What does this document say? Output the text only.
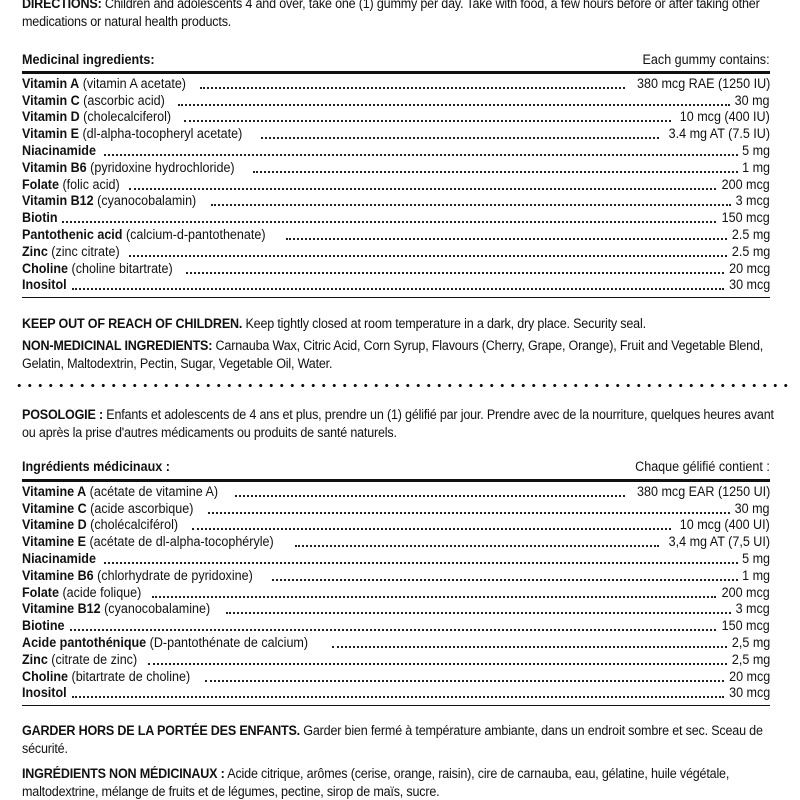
DIRECTIONS: Children and adolescents 4 and over, take one (1) gummy per day. Take with food, a few hours before or after taking other medications or natural health products.
Medicinal ingredients:	Each gummy contains:
Vitamin A (vitamin A acetate)	380 mcg RAE (1250 IU)
Vitamin C (ascorbic acid)	30 mg
Vitamin D (cholecalciferol)	10 mcg (400 IU)
Vitamin E (dl-alpha-tocopheryl acetate)	3.4 mg AT (7.5 IU)
Niacinamide	5 mg
Vitamin B6 (pyridoxine hydrochloride)	1 mg
Folate (folic acid)	200 mcg
Vitamin B12 (cyanocobalamin)	3 mcg
Biotin	150 mcg
Pantothenic acid (calcium-d-pantothenate)	2.5 mg
Zinc (zinc citrate)	2.5 mg
Choline (choline bitartrate)	20 mcg
Inositol	30 mcg
KEEP OUT OF REACH OF CHILDREN. Keep tightly closed at room temperature in a dark, dry place. Security seal.
NON-MEDICINAL INGREDIENTS: Carnauba Wax, Citric Acid, Corn Syrup, Flavours (Cherry, Grape, Orange), Fruit and Vegetable Blend, Gelatin, Maltodextrin, Pectin, Sugar, Vegetable Oil, Water.
POSOLOGIE : Enfants et adolescents de 4 ans et plus, prendre un (1) gélifié par jour. Prendre avec de la nourriture, quelques heures avant ou après la prise d'autres médicaments ou produits de santé naturels.
Ingrédients médicinaux :	Chaque gélifié contient :
Vitamine A (acétate de vitamine A)	380 mcg EAR (1250 UI)
Vitamine C (acide ascorbique)	30 mg
Vitamine D (cholécalciférol)	10 mcg (400 UI)
Vitamine E (acétate de dl-alpha-tocophéryle)	3,4 mg AT (7,5 UI)
Niacinamide	5 mg
Vitamine B6 (chlorhydrate de pyridoxine)	1 mg
Folate (acide folique)	200 mcg
Vitamine B12 (cyanocobalamine)	3 mcg
Biotine	150 mcg
Acide pantothénique (D-pantothénate de calcium)	2,5 mg
Zinc (citrate de zinc)	2,5 mg
Choline (bitartrate de choline)	20 mcg
Inositol	30 mcg
GARDER HORS DE LA PORTÉE DES ENFANTS. Garder bien fermé à température ambiante, dans un endroit sombre et sec. Sceau de sécurité.
INGRÉDIENTS NON MÉDICINAUX : Acide citrique, arômes (cerise, orange, raisin), cire de carnauba, eau, gélatine, huile végétale, maltodextrine, mélange de fruits et de légumes, pectine, sirop de maïs, sucre.
